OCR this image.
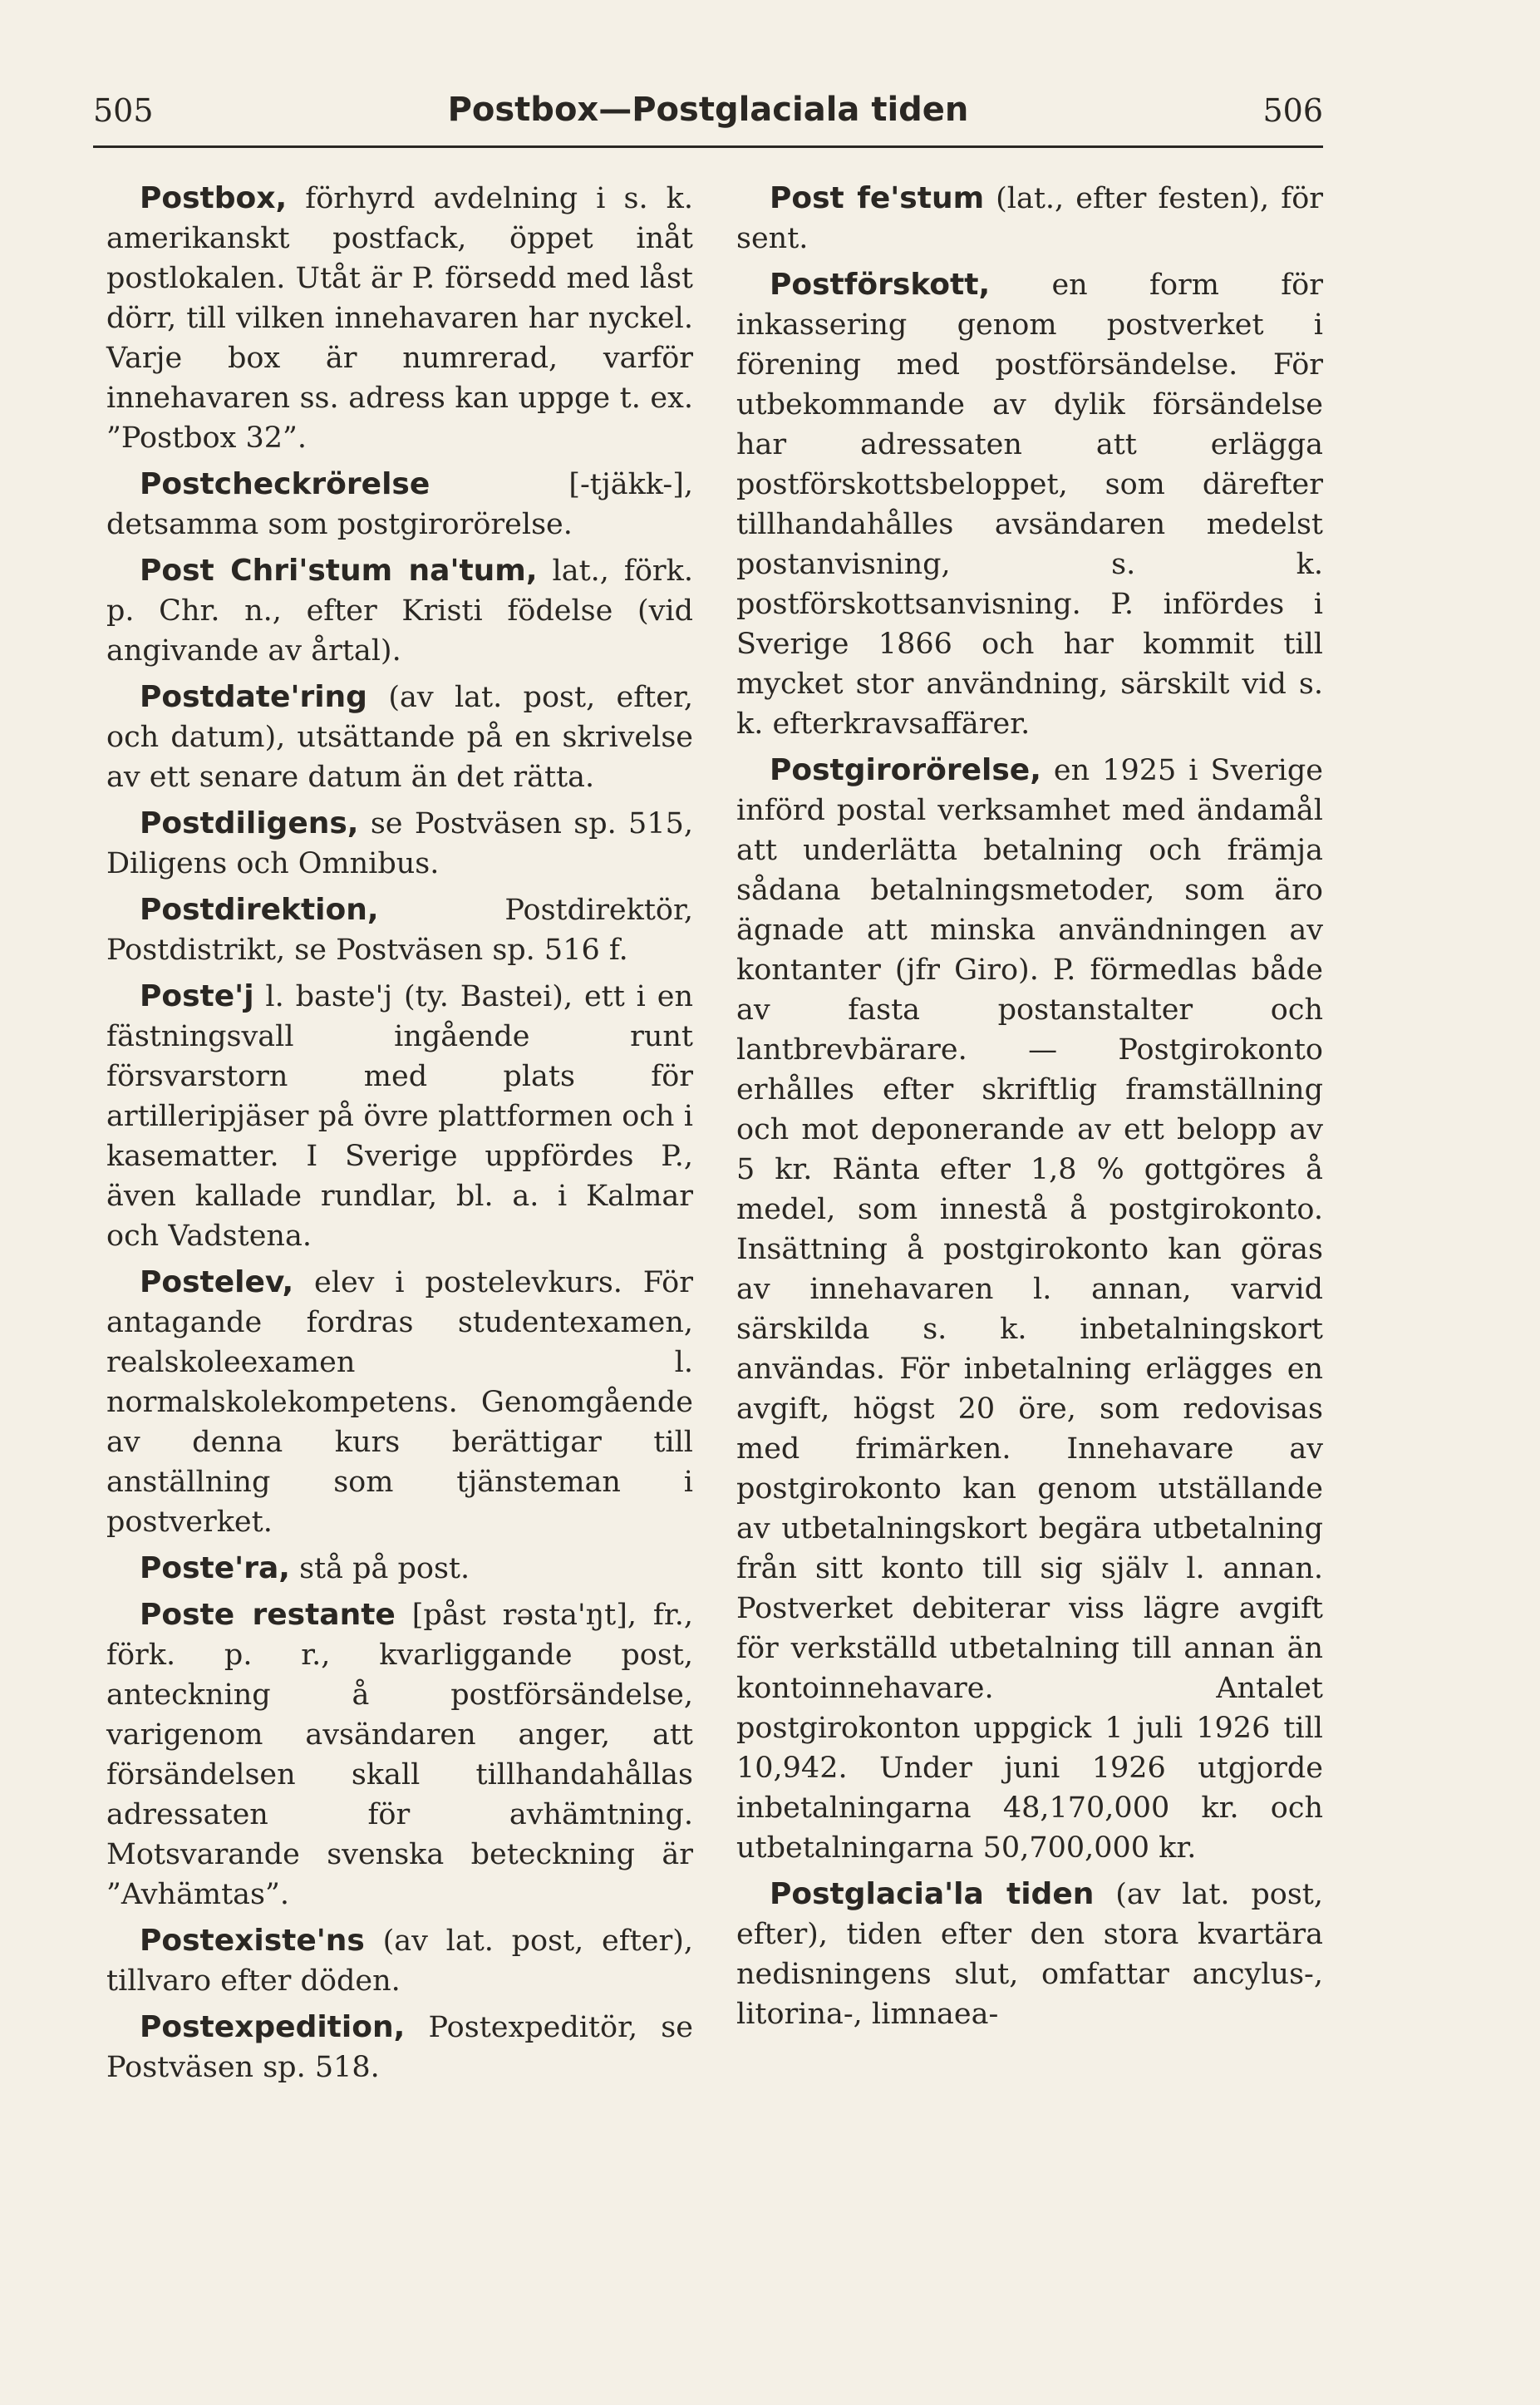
505	Postbox—Postglaciala tiden	506

Postbox, förhyrd avdelning i s. k. amerikanskt postfack, öppet inåt postlokalen. Utåt är P. försedd med låst dörr, till vilken innehavaren har nyckel. Varje box är numrerad, varför innehavaren ss. adress kan uppge t. ex. ”Postbox 32”.

Postcheckrörelse	[-tjäkk-], detsamma som postgirorörelse.

Post Chri'stum na'tum, lat., förk. p. Chr. n., efter Kristi födelse (vid angivande av årtal).

Postdate'ring (av lat. post, efter, och datum), utsättande på en skrivelse av ett senare datum än det rätta.

Postdiligens, se Postväsen sp. 515, Diligens och Omnibus.

Postdirektion,	Postdirektör, Postdistrikt, se Postväsen sp. 516 f.

Poste'j l. baste'j (ty. Bastei), ett i en fästningsvall ingående runt försvarstorn med plats för artilleripjäser på övre plattformen och i kasematter. I Sverige uppfördes P., även kallade rundlar, bl. a. i Kalmar och Vadstena.

Postelev, elev i postelevkurs. För antagande fordras studentexamen, realskoleexamen l. normalskolekompetens. Genomgående av denna kurs berättigar till anställning som tjänsteman i postverket.

Poste'ra, stå på post.

Poste restante [påst rəsta'ŋt], fr., förk. p. r., kvarliggande post, anteckning å postförsändelse, varigenom avsändaren anger, att försändelsen skall tillhandahållas adressaten för avhämtning. Motsvarande svenska beteckning är ”Avhämtas”.

Postexiste'ns (av lat. post, efter), tillvaro efter döden.

Postexpedition, Postexpeditör, se Postväsen sp. 518.

Post fe'stum (lat., efter festen), för sent.

Postförskott, en form för inkassering genom postverket i förening med postförsändelse. För utbekommande av dylik försändelse har adressaten att erlägga postförskottsbeloppet, som därefter tillhandahålles avsändaren medelst postanvisning, s. k. postförskottsanvisning. P. infördes i Sverige 1866 och har kommit till mycket stor användning, särskilt vid s. k. efterkravsaffärer.

Postgirorörelse, en 1925 i Sverige införd postal verksamhet med ändamål att underlätta betalning och främja sådana betalningsmetoder, som äro ägnade att minska användningen av kontanter (jfr Giro). P. förmedlas både av fasta postanstalter och lantbrevbärare. — Postgirokonto erhålles efter skriftlig framställning och mot deponerande av ett belopp av 5 kr. Ränta efter 1,8 % gottgöres å medel, som innestå å postgirokonto. Insättning å postgirokonto kan göras av innehavaren l. annan, varvid särskilda s. k. inbetalningskort användas. För inbetalning erlägges en avgift, högst 20 öre, som redovisas med frimärken. Innehavare av postgirokonto kan genom utställande av utbetalningskort begära utbetalning från sitt konto till sig själv l. annan. Postverket debiterar viss lägre avgift för verkställd utbetalning till annan än kontoinnehavare. Antalet postgirokonton uppgick 1 juli 1926 till 10,942. Under juni 1926 utgjorde inbetalningarna 48,170,000 kr. och utbetalningarna 50,700,000 kr.

Postglacia'la tiden (av lat. post, efter), tiden efter den stora kvartära nedisningens slut, omfattar ancylus-, litorina-, limnaea-
